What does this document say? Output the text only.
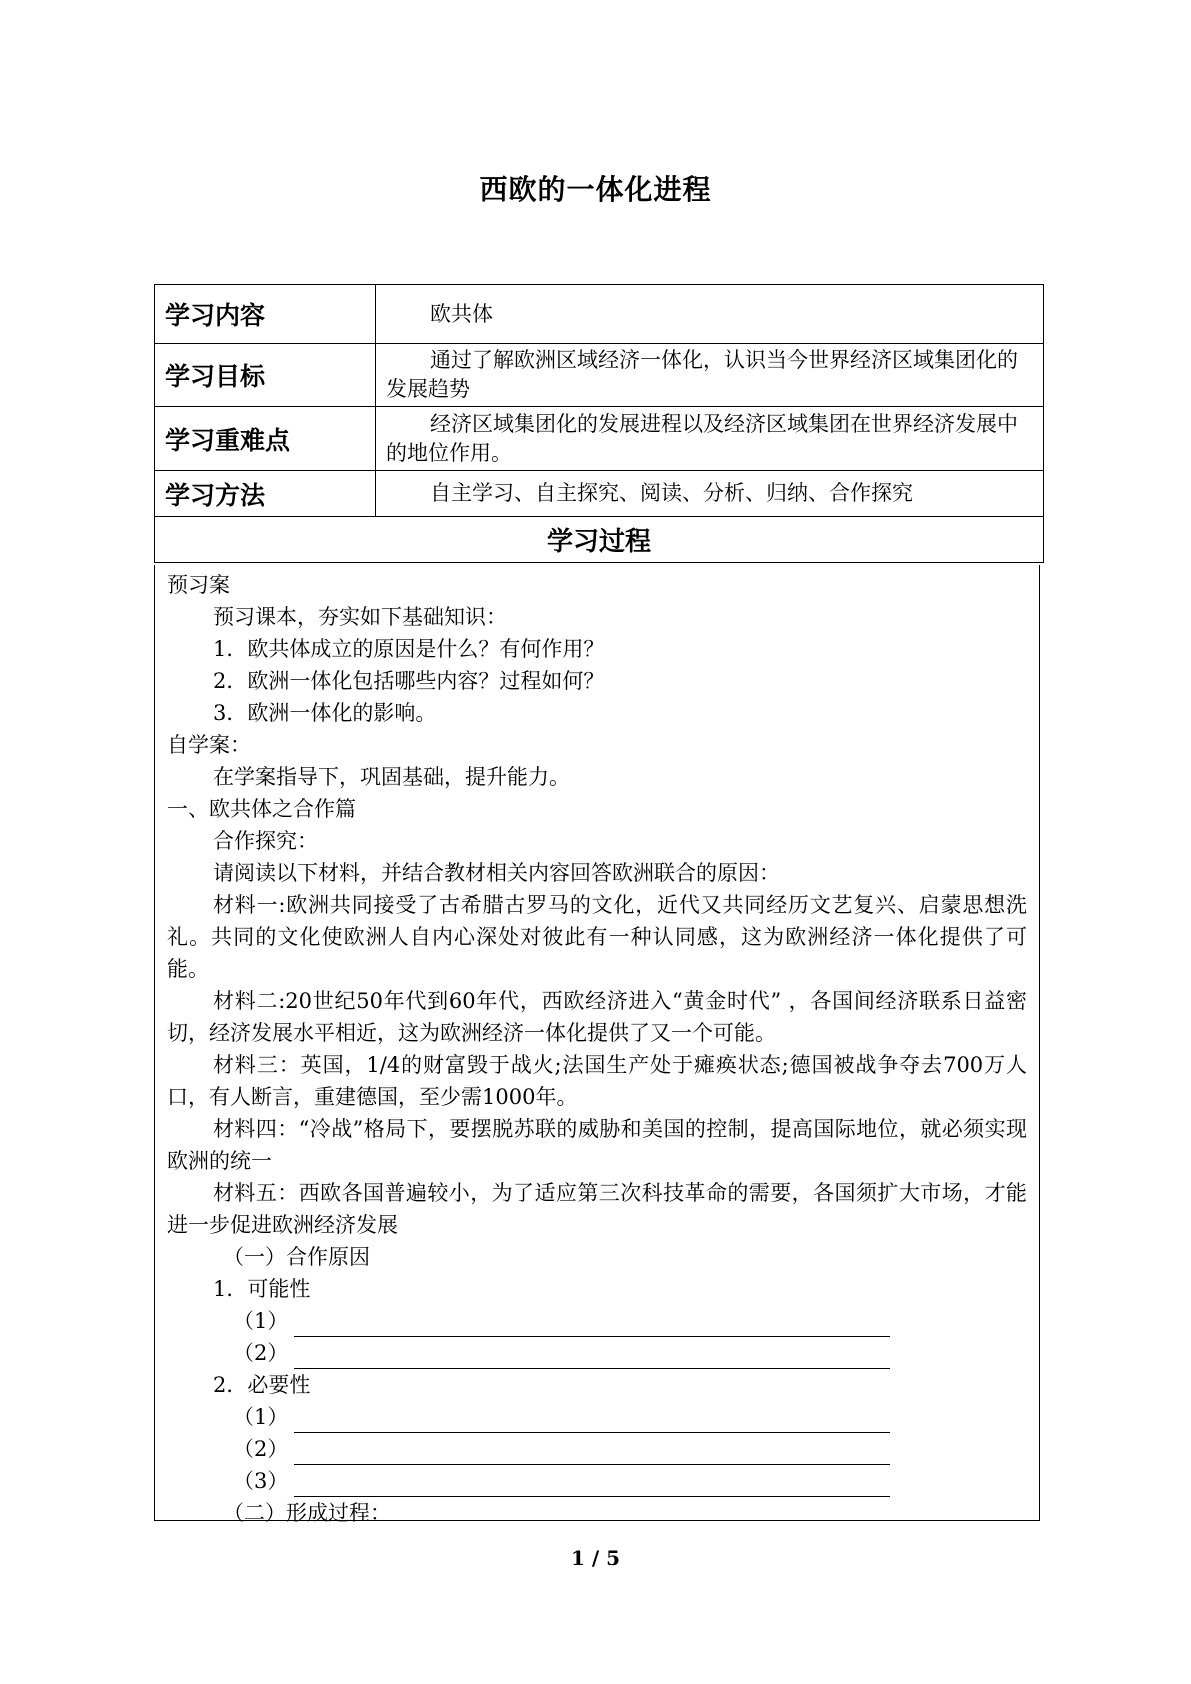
西欧的一体化进程
学习内容	欧共体

学习目标	通过了解欧洲区域经济一体化，认识当今世界经济区域集团化的发展趋势

学习重难点	经济区域集团化的发展进程以及经济区域集团在世界经济发展中的地位作用。

学习方法	自主学习、自主探究、阅读、分析、归纳、合作探究

学习过程	

预习案

预习课本，夯实如下基础知识：

1．欧共体成立的原因是什么？有何作用？

2．欧洲一体化包括哪些内容？过程如何？

3．欧洲一体化的影响。

自学案：

在学案指导下，巩固基础，提升能力。

一、欧共体之合作篇

合作探究：

请阅读以下材料，并结合教材相关内容回答欧洲联合的原因：

材料一:欧洲共同接受了古希腊古罗马的文化，近代又共同经历文艺复兴、启蒙思想洗礼。共同的文化使欧洲人自内心深处对彼此有一种认同感，这为欧洲经济一体化提供了可能。

材料二:20世纪50年代到60年代，西欧经济进入“黄金时代” ，各国间经济联系日益密切，经济发展水平相近，这为欧洲经济一体化提供了又一个可能。

材料三：英国，1/4的财富毁于战火;法国生产处于瘫痪状态;德国被战争夺去700万人口，有人断言，重建德国，至少需1000年。

材料四：“冷战”格局下，要摆脱苏联的威胁和美国的控制，提高国际地位，就必须实现欧洲的统一

材料五：西欧各国普遍较小，为了适应第三次科技革命的需要，各国须扩大市场，才能进一步促进欧洲经济发展

（一）合作原因

1．可能性

（1）

（2）

2．必要性

（1）

（2）

（3）

（二）形成过程：

1 / 5
